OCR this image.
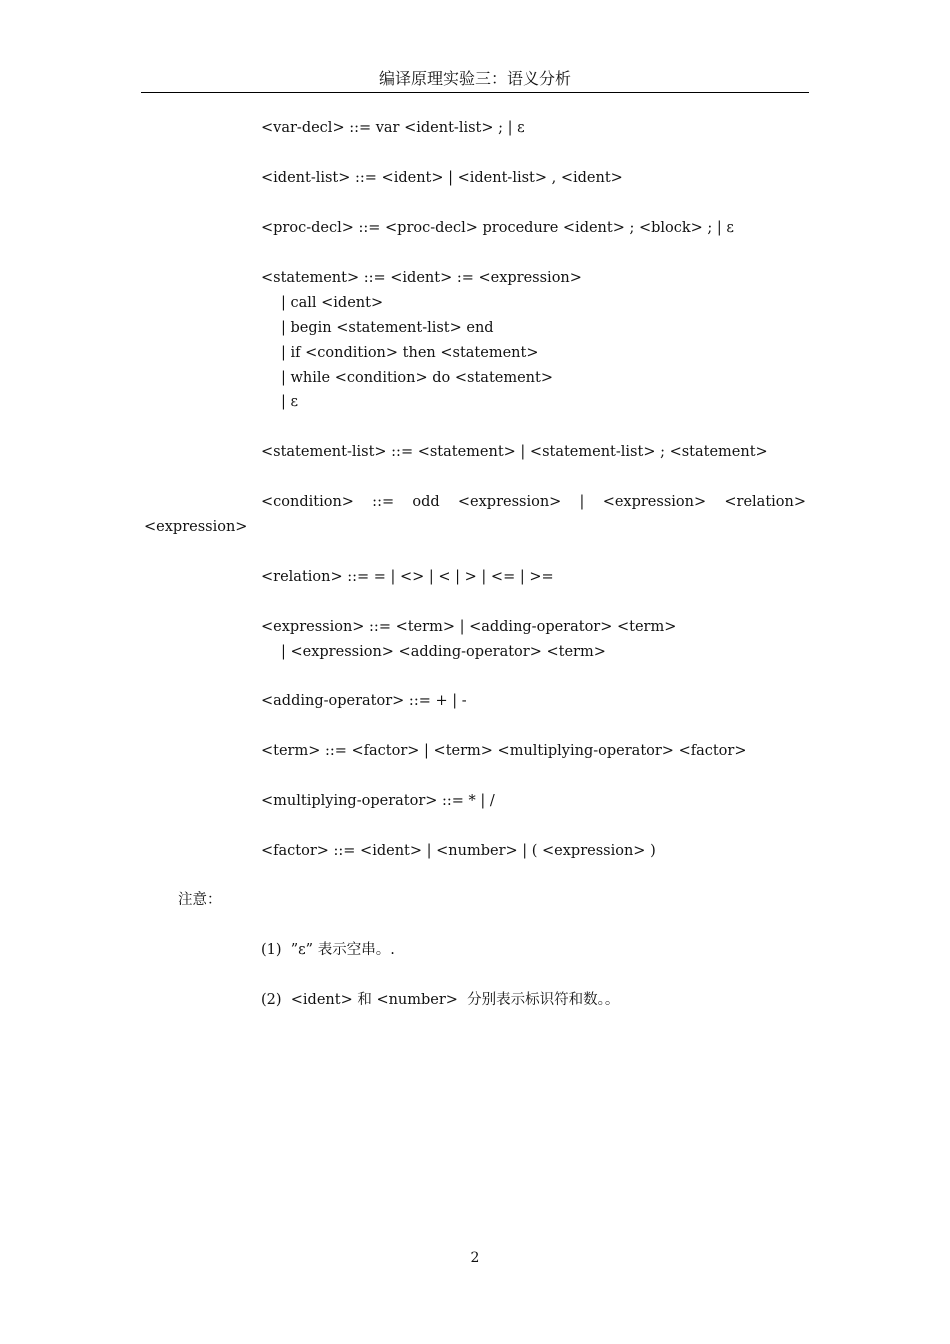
编译原理实验三：语义分析
<var-decl> ::= var <ident-list> ; | ε
<ident-list> ::= <ident> | <ident-list> , <ident>
<proc-decl> ::= <proc-decl> procedure <ident> ; <block> ; | ε
<statement> ::= <ident> := <expression>
| call <ident>
| begin <statement-list> end
| if <condition> then <statement>
| while <condition> do <statement>
| ε
<statement-list> ::= <statement> | <statement-list> ; <statement>
<condition> ::= odd <expression> | <expression> <relation>
<expression>
<relation> ::= = | <> | < | > | <= | >=
<expression> ::= <term> | <adding-operator> <term>
| <expression> <adding-operator> <term>
<adding-operator> ::= + | -
<term> ::= <factor> | <term> <multiplying-operator> <factor>
<multiplying-operator> ::= * | /
<factor> ::= <ident> | <number> | ( <expression> )
注意：
(1)  ”ε” 表示空串。.
(2)  <ident> 和 <number>  分别表示标识符和数。。
2
